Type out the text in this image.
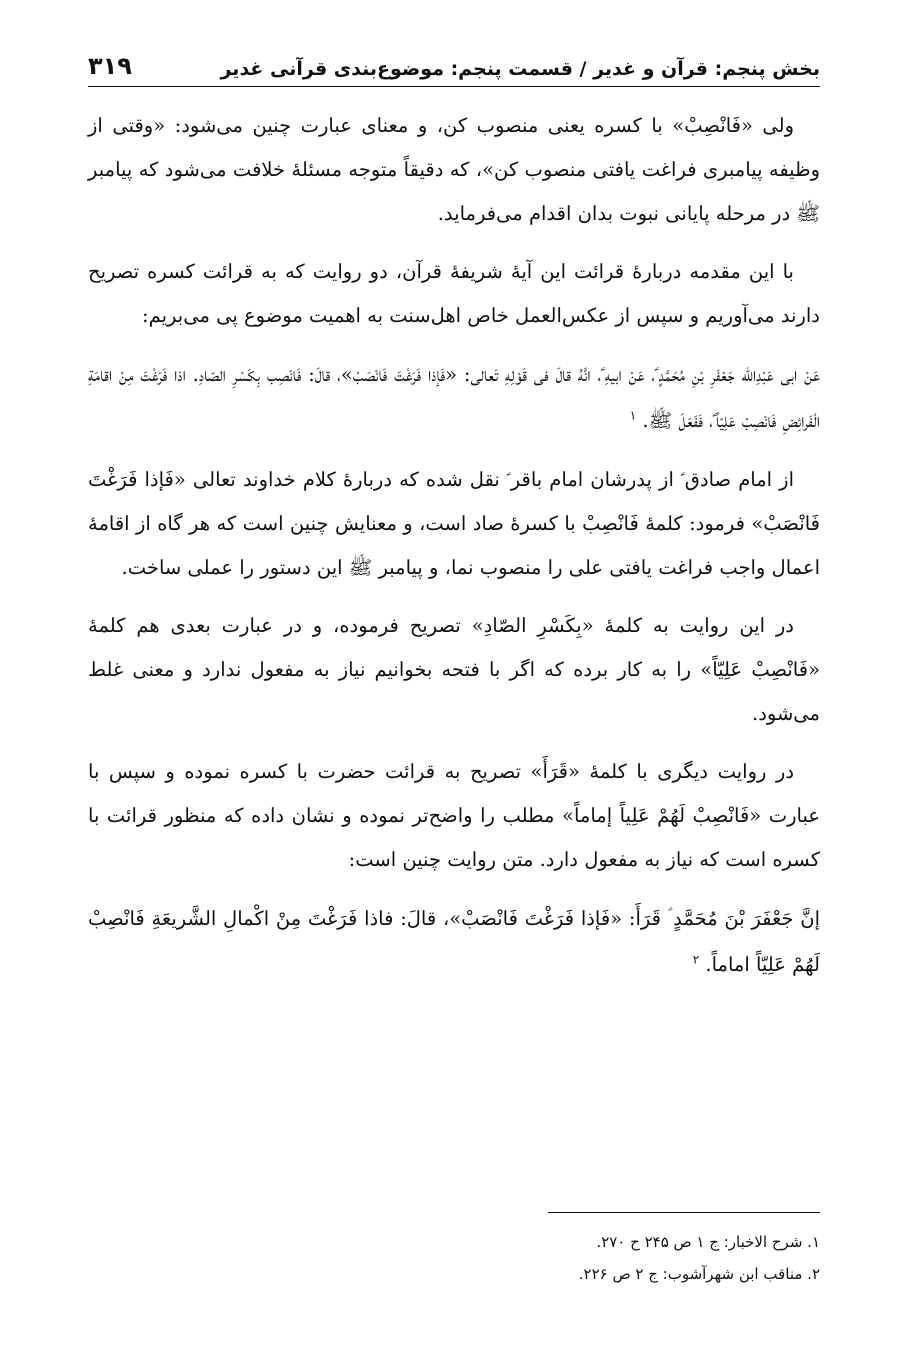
بخش پنجم: قرآن و غدیر / قسمت پنجم: موضوع‌بندی قرآنی غدیر
۳۱۹

ولی «فَانْصِبْ» با کسره یعنی منصوب کن، و معنای عبارت چنین می‌شود: «وقتی از وظیفه پیامبری فراغت یافتی منصوب کن»، که دقیقاً متوجه مسئلۀ خلافت می‌شود که پیامبر ﷺ در مرحله پایانی نبوت بدان اقدام می‌فرماید.

با این مقدمه دربارۀ قرائت این آیۀ شریفۀ قرآن، دو روایت که به قرائت کسره تصریح دارند می‌آوریم و سپس از عکس‌العمل خاص اهل‌سنت به اهمیت موضوع پی می‌بریم:

عَنْ ابی عَبْدِالله جَعْفَرِ بْنِ مُحَمَّدٍ ؑ، عَنْ ابیهِ ؑ، انَّهُ قالَ فی قَوْلِهِ تَعالی: «فَإذا فَرَغْتَ فَانْصَبْ»، قالَ: فَانْصِب بِكَسْرِ الصّادِ. اذا فَرَغْتَ مِنْ اقامَةِ الْفَرائِضِ فَانْصِبْ عَلِيّاً ؑ، فَفَعَلَ ﷺ. $^۱$

از امام صادق ؑ از پدرشان امام باقر ؑ نقل شده که دربارۀ کلام خداوند تعالی «فَإذا فَرَغْتَ فَانْصَبْ» فرمود: کلمۀ فَانْصِبْ با کسرۀ صاد است، و معنایش چنین است که هر گاه از اقامۀ اعمال واجب فراغت یافتی علی را منصوب نما، و پیامبر ﷺ این دستور را عملی ساخت.

در این روایت به کلمۀ «بِكَسْرِ الصّادِ» تصریح فرموده، و در عبارت بعدی هم کلمۀ «فَانْصِبْ عَلِيّاً» را به کار برده که اگر با فتحه بخوانیم نیاز به مفعول ندارد و معنی غلط می‌شود.

در روایت دیگری با کلمۀ «قَرَأَ» تصریح به قرائت حضرت با کسره نموده و سپس با عبارت «فَانْصِبْ لَهُمْ عَلِياً إماماً» مطلب را واضح‌تر نموده و نشان داده که منظور قرائت با کسره است که نیاز به مفعول دارد. متن روایت چنین است:

إنَّ جَعْفَرَ بْنَ مُحَمَّدٍ ؑ قَرَأَ: «فَإذا فَرَغْتَ فَانْصَبْ»، قالَ: فاذا فَرَغْتَ مِنْ اكْمالِ الشَّريعَةِ فَانْصِبْ لَهُمْ عَلِيّاً اماماً. $^۲$

۱. شرح الاخبار: ج ۱ ص ۲۴۵ ح ۲۷۰.

۲. مناقب ابن شهرآشوب: ج ۲ ص ۲۲۶.
